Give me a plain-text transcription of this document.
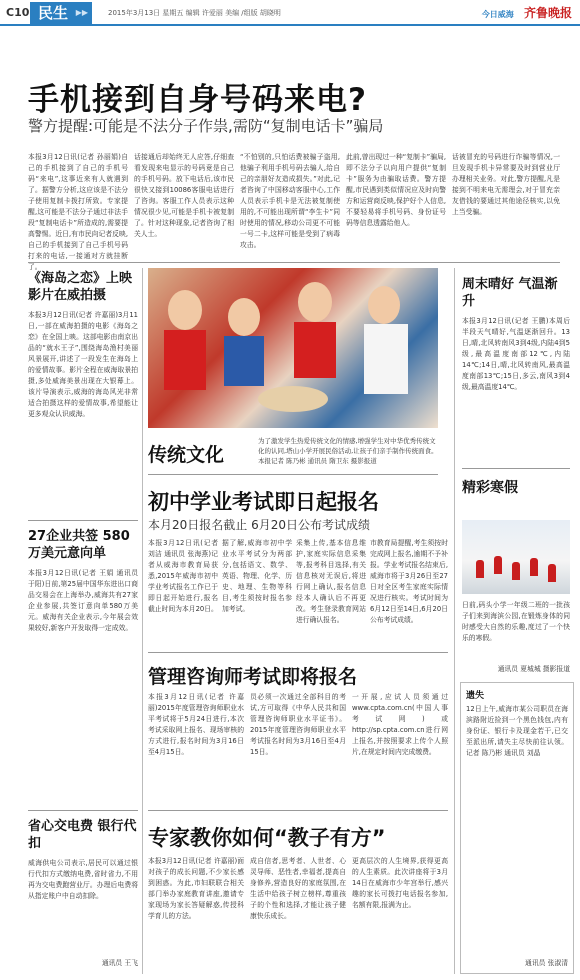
C10 民生 ▶▶	2015年3月13日 星期五 编辑 许爱丽 美编 /组版 胡晓明	今日威海 齐鲁晚报
手机接到自身号码来电?
警方提醒:可能是不法分子作祟,需防“复制电话卡”骗局
本报3月12日讯(记者 孙丽娟)自己的手机接到了自己的手机号码“来电”,这事近来有人就遇到了。据警方分析,这应该是不法分子使用复制卡拨打所致。专家提醒,这可能是不法分子通过非法手段“复制电话卡”所造成的,需要提高警惕。近日,有市民向记者反映,自己的手机接到了自己手机号码打来的电话,一接通对方就挂断了。
话接通后却始终无人应答,仔细查看发现来电显示的号码竟是自己的手机号码。放下电话后,该市民很快又接到10086客服电话进行了咨询。客服工作人员表示这种情况很少见,可能是手机卡被复制了。针对这种现象,记者咨询了相关人士。
“不怕别的,只怕话费被骗子盗用,他骗子利用手机号码去骗人,给自己的亲朋好友造成损失。”对此,记者咨询了中国移动客服中心,工作人员表示手机卡是无法被复制使用的,不可能出现所谓“李生卡”同时使用的情况,移动公司更不可能一号二卡,这样可能是受到了病毒攻击。
此前,曾出现过一种“复制卡”骗局,即不法分子以向用户提供“复制卡”服务为由骗取话费。警方提醒,市民遇到类似情况应及时向警方和运营商反映,保护好个人信息,不要轻易将手机号码、身份证号码等信息透露给他人。
话被冒充的号码进行诈骗等情况,一旦发现手机卡异常要及时到营业厅办理相关业务。对此,警方提醒,凡是接到不明来电无需理会,对于冒充亲友借钱的要通过其他途径核实,以免上当受骗。
《海岛之恋》上映 影片在威拍摄
本报3月12日讯(记者 许嘉丽)3月11日,一部在威海拍摄的电影《海岛之恋》在全国上映。这部电影由南京出品的“就水王子”,围绕海岛渔村美丽风景展开,讲述了一段发生在海岛上的爱情故事。影片全程在威海取景拍摄,多处威海美景出现在大银幕上。该片导演表示,威海的海岛风光非常适合拍摄这样的爱情故事,希望能让更多观众认识威海。
27企业共签 580万美元意向单
本报3月12日讯(记者 王娟 通讯员 于阳)日前,第25届中国华东进出口商品交易会在上海举办,威海共有27家企业参展,共签订意向单580万美元。威海有关企业表示,今年展会效果较好,新客户开发取得一定成效。
省心交电费 银行代扣
威海供电公司表示,居民可以通过银行代扣方式缴纳电费,省时省力,不用再为交电费跑营业厅。办理后电费将从指定账户中自动扣除。
通讯员 王飞
传统文化
为了激发学生热爱传统文化的情感,增强学生对中华优秀传统文化的认同,塔山小学开展民俗活动,让孩子们亲手制作传统面食。 本报记者 陈乃彬 通讯员 隋卫东 摄影报道
初中学业考试即日起报名
本月20日报名截止 6月20日公布考试成绩
本报3月12日讯(记者 刘洁 通讯员 张海燕)记者从威海市教育局获悉,2015年威海市初中学业考试报名工作已于即日起开始进行,报名截止时间为本月20日。
据了解,威海市初中学业水平考试分为两部分,包括语文、数学、英语、物理、化学、历史、地理、生物等科目,考生须按时报名参加考试。
采集上传,基本信息维护,家庭实际信息采集等,报考科目选择,有关信息核对无误后,将进行网上确认,报名信息经本人确认后不再更改。考生登录教育网站进行确认报名。
市教育局提醒,考生须按时完成网上报名,逾期不予补报。学业考试报名结束后,威海市将于3月26日至27日对全区考生家庭实际情况进行核实。考试时间为6月12日至14日,6月20日公布考试成绩。
管理咨询师考试即将报名
本报3月12日讯(记者 许嘉丽)2015年度管理咨询师职业水平考试将于5月24日进行,本次考试采取网上报名、现场审核的方式进行,报名时间为3月16日至4月15日。
员必须一次通过全部科目的考试,方可取得《中华人民共和国管理咨询师职业水平证书》。2015年度管理咨询师职业水平考试报名时间为3月16日至4月15日。
一开展,应试人员须通过www.cpta.com.cn(中国人事考试网)或http://sp.cpta.com.cn进行网上报名,并按照要求上传个人照片,在规定时间内完成缴费。
专家教你如何“教子有方”
本报3月12日讯(记者 许嘉丽)面对孩子的成长问题,不少家长感到困惑。为此,市妇联联合相关部门举办家庭教育讲座,邀请专家现场为家长答疑解惑,传授科学育儿的方法。
成自信者,思考者、人世者、心灵导师、恶性者,幸福者,提高自身修养,营造良好的家庭氛围,在生活中给孩子树立榜样,尊重孩子的个性和选择,才能让孩子健康快乐成长。
更高层次的人生境界,获得更高的人生素质。此次讲座将于3月14日在威海市少年宫举行,感兴趣的家长可拨打电话报名参加,名额有限,报满为止。
周末晴好 气温渐升
本报3月12日讯(记者 王鹏)本周后半段天气晴好,气温逐渐回升。13日,晴,北风转南风3到4级,内陆4到5级,最高温度南部12℃,内陆14℃;14日,晴,北风转南风,最高温度南部13℃;15日,多云,南风3到4级,最高温度14℃。
精彩寒假
日前,码头小学一年级二班的一批孩子们来到海滨公园,在锻炼身体的同时感受大自然的乐趣,度过了一个快乐的寒假。
通讯员 夏城城 摄影报道
遗失
12日上午,威海市某公司职员在海滨路附近捡到一个黑色钱包,内有身份证、银行卡及现金若干,已交至派出所,请失主尽快前往认领。 记者 陈乃彬 通讯员 刘晶
通讯员 张淑清
